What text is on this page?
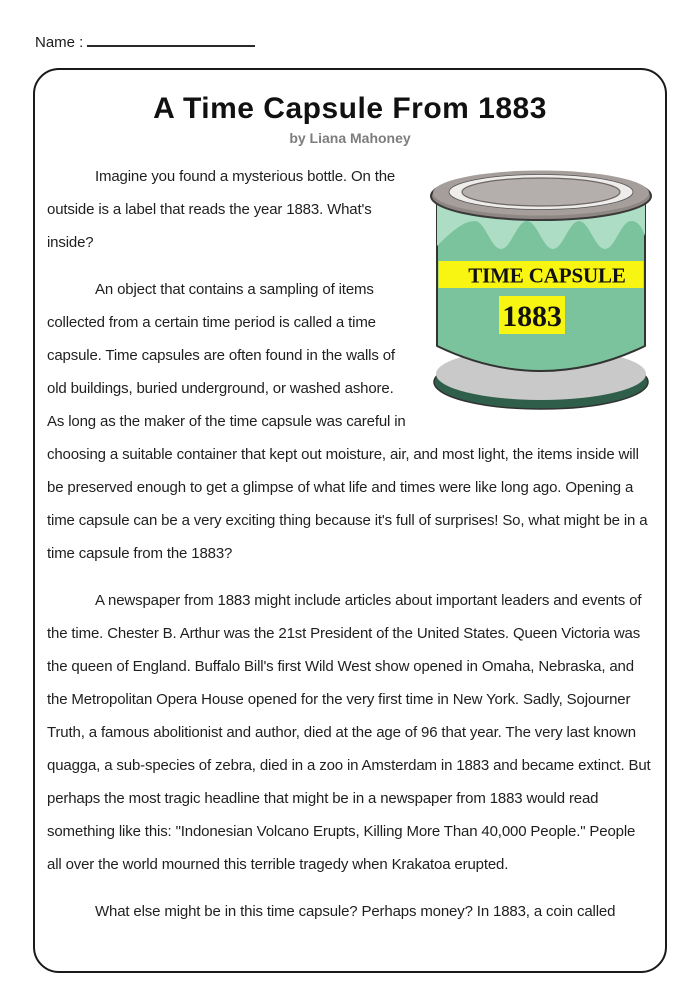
Name :
A Time Capsule From 1883
by Liana Mahoney
TIME CAPSULE
1883

Imagine you found a mysterious bottle. On the outside is a label that reads the year 1883. What's inside?

An object that contains a sampling of items collected from a certain time period is called a time capsule. Time capsules are often found in the walls of old buildings, buried underground, or washed ashore. As long as the maker of the time capsule was careful in choosing a suitable container that kept out moisture, air, and most light, the items inside will be preserved enough to get a glimpse of what life and times were like long ago. Opening a time capsule can be a very exciting thing because it's full of surprises! So, what might be in a time capsule from the 1883?

A newspaper from 1883 might include articles about important leaders and events of the time. Chester B. Arthur was the 21st President of the United States. Queen Victoria was the queen of England. Buffalo Bill's first Wild West show opened in Omaha, Nebraska, and the Metropolitan Opera House opened for the very first time in New York. Sadly, Sojourner Truth, a famous abolitionist and author, died at the age of 96 that year. The very last known quagga, a sub-species of zebra, died in a zoo in Amsterdam in 1883 and became extinct. But perhaps the most tragic headline that might be in a newspaper from 1883 would read something like this: "Indonesian Volcano Erupts, Killing More Than 40,000 People." People all over the world mourned this terrible tragedy when Krakatoa erupted.

What else might be in this time capsule? Perhaps money? In 1883, a coin called
